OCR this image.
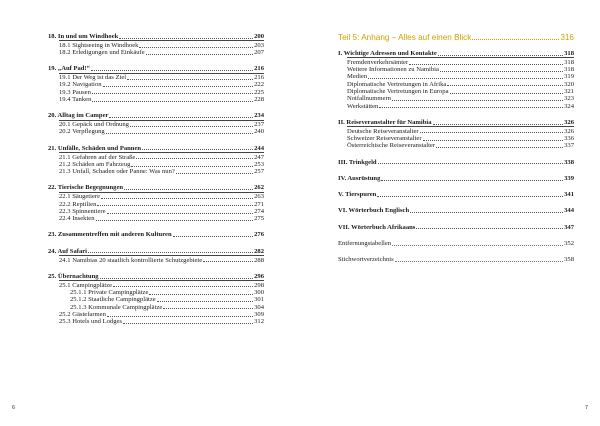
18. In und um Windhoek	200
18.1 Sightseeing in Windhoek	203
18.2 Erledigungen und Einkäufe	207
19. „Auf Pad!“	216
19.1 Der Weg ist das Ziel	216
19.2 Navigation	222
19.3 Pausen	225
19.4 Tanken	228
20. Alltag im Camper	234
20.1 Gepäck und Ordnung	237
20.2 Verpflegung	240
21. Unfälle, Schäden und Pannen	244
21.1 Gefahren auf der Straße	247
21.2 Schäden am Fahrzeug	253
21.3 Unfall, Schaden oder Panne: Was nun?	257
22. Tierische Begegnungen	262
22.1 Säugetiere	263
22.2 Reptilien	271
22.3 Spinnentiere	274
22.4 Insekten	275
23. Zusammentreffen mit anderen Kulturen	276
24. Auf Safari	282
24.1 Namibias 20 staatlich kontrollierte Schutzgebiete	288
25. Übernachtung	296
25.1 Campingplätze	298
25.1.1 Private Campingplätze	300
25.1.2 Staatliche Campingplätze	301
25.1.3 Kommunale Campingplätze	304
25.2 Gästefarmen	309
25.3 Hotels und Lodges	312
6
Teil 5: Anhang – Alles auf einen Blick	316
I. Wichtige Adressen und Kontakte	318
Fremdenverkehrsämter	318
Weitere Informationen zu Namibia	318
Medien	319
Diplomatische Vertretungen in Afrika	320
Diplomatische Vertretungen in Europa	321
Notfallnummern	323
Werkstätten	324
II. Reiseveranstalter für Namibia	326
Deutsche Reiseveranstalter	326
Schweizer Reiseveranstalter	336
Österreichische Reiseveranstalter	337
III. Trinkgeld	338
IV. Ausrüstung	339
V. Tierspuren	341
VI. Wörterbuch Englisch	344
VII. Wörterbuch Afrikaans	347
Entfernungstabellen	352
Stichwortverzeichnis	358
7
